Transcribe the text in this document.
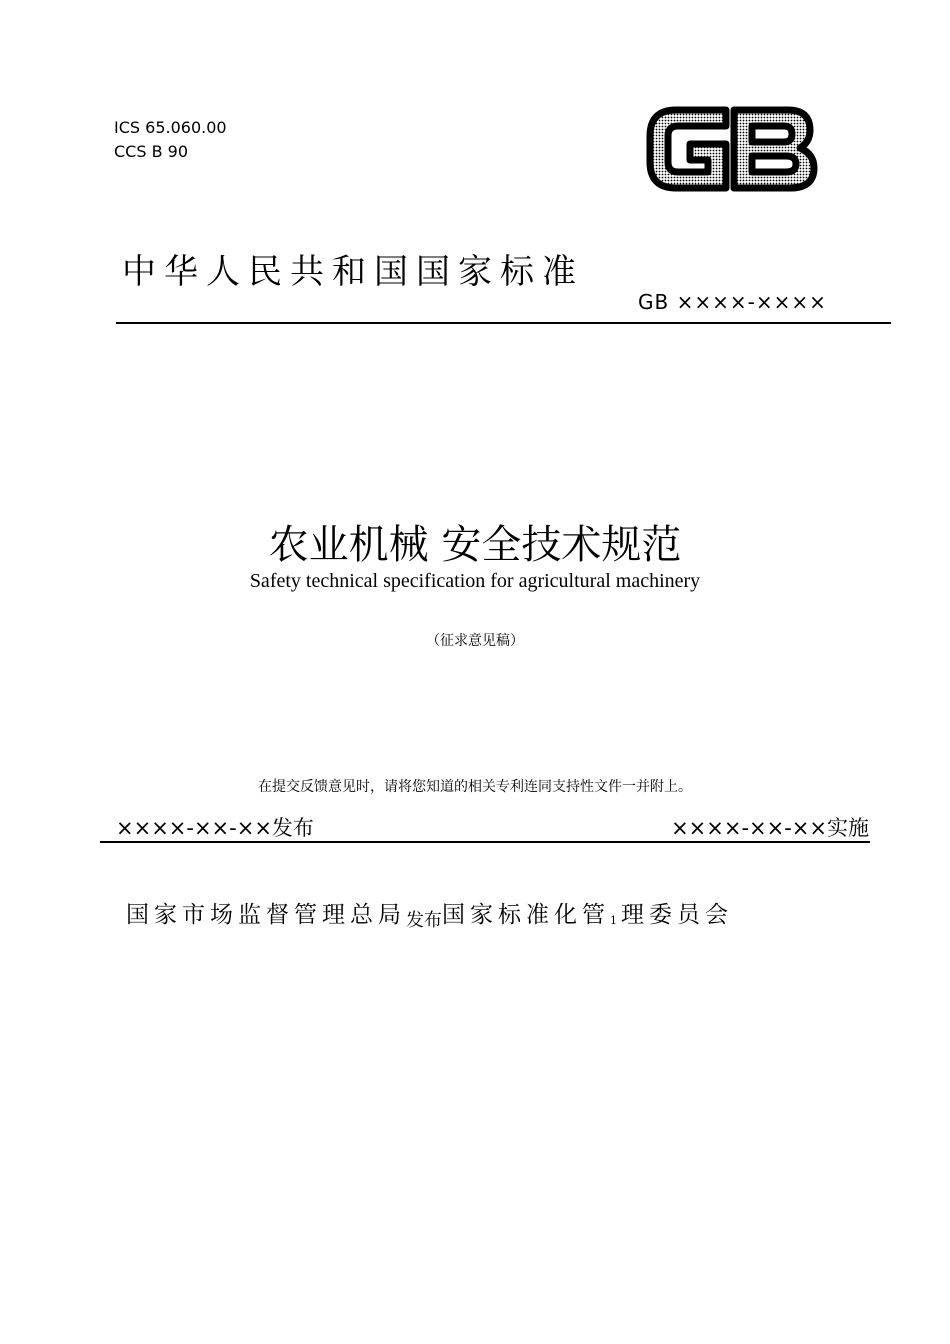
ICS 65.060.00
CCS B 90
中华人民共和国国家标准
GB ××××-××××
农业机械 安全技术规范
Safety technical specification for agricultural machinery
（征求意见稿）
在提交反馈意见时，请将您知道的相关专利连同支持性文件一并附上。
××××-××-××发布	××××-××-××实施
国家市场监督管理总局发布国家标准化管1 理委员会
